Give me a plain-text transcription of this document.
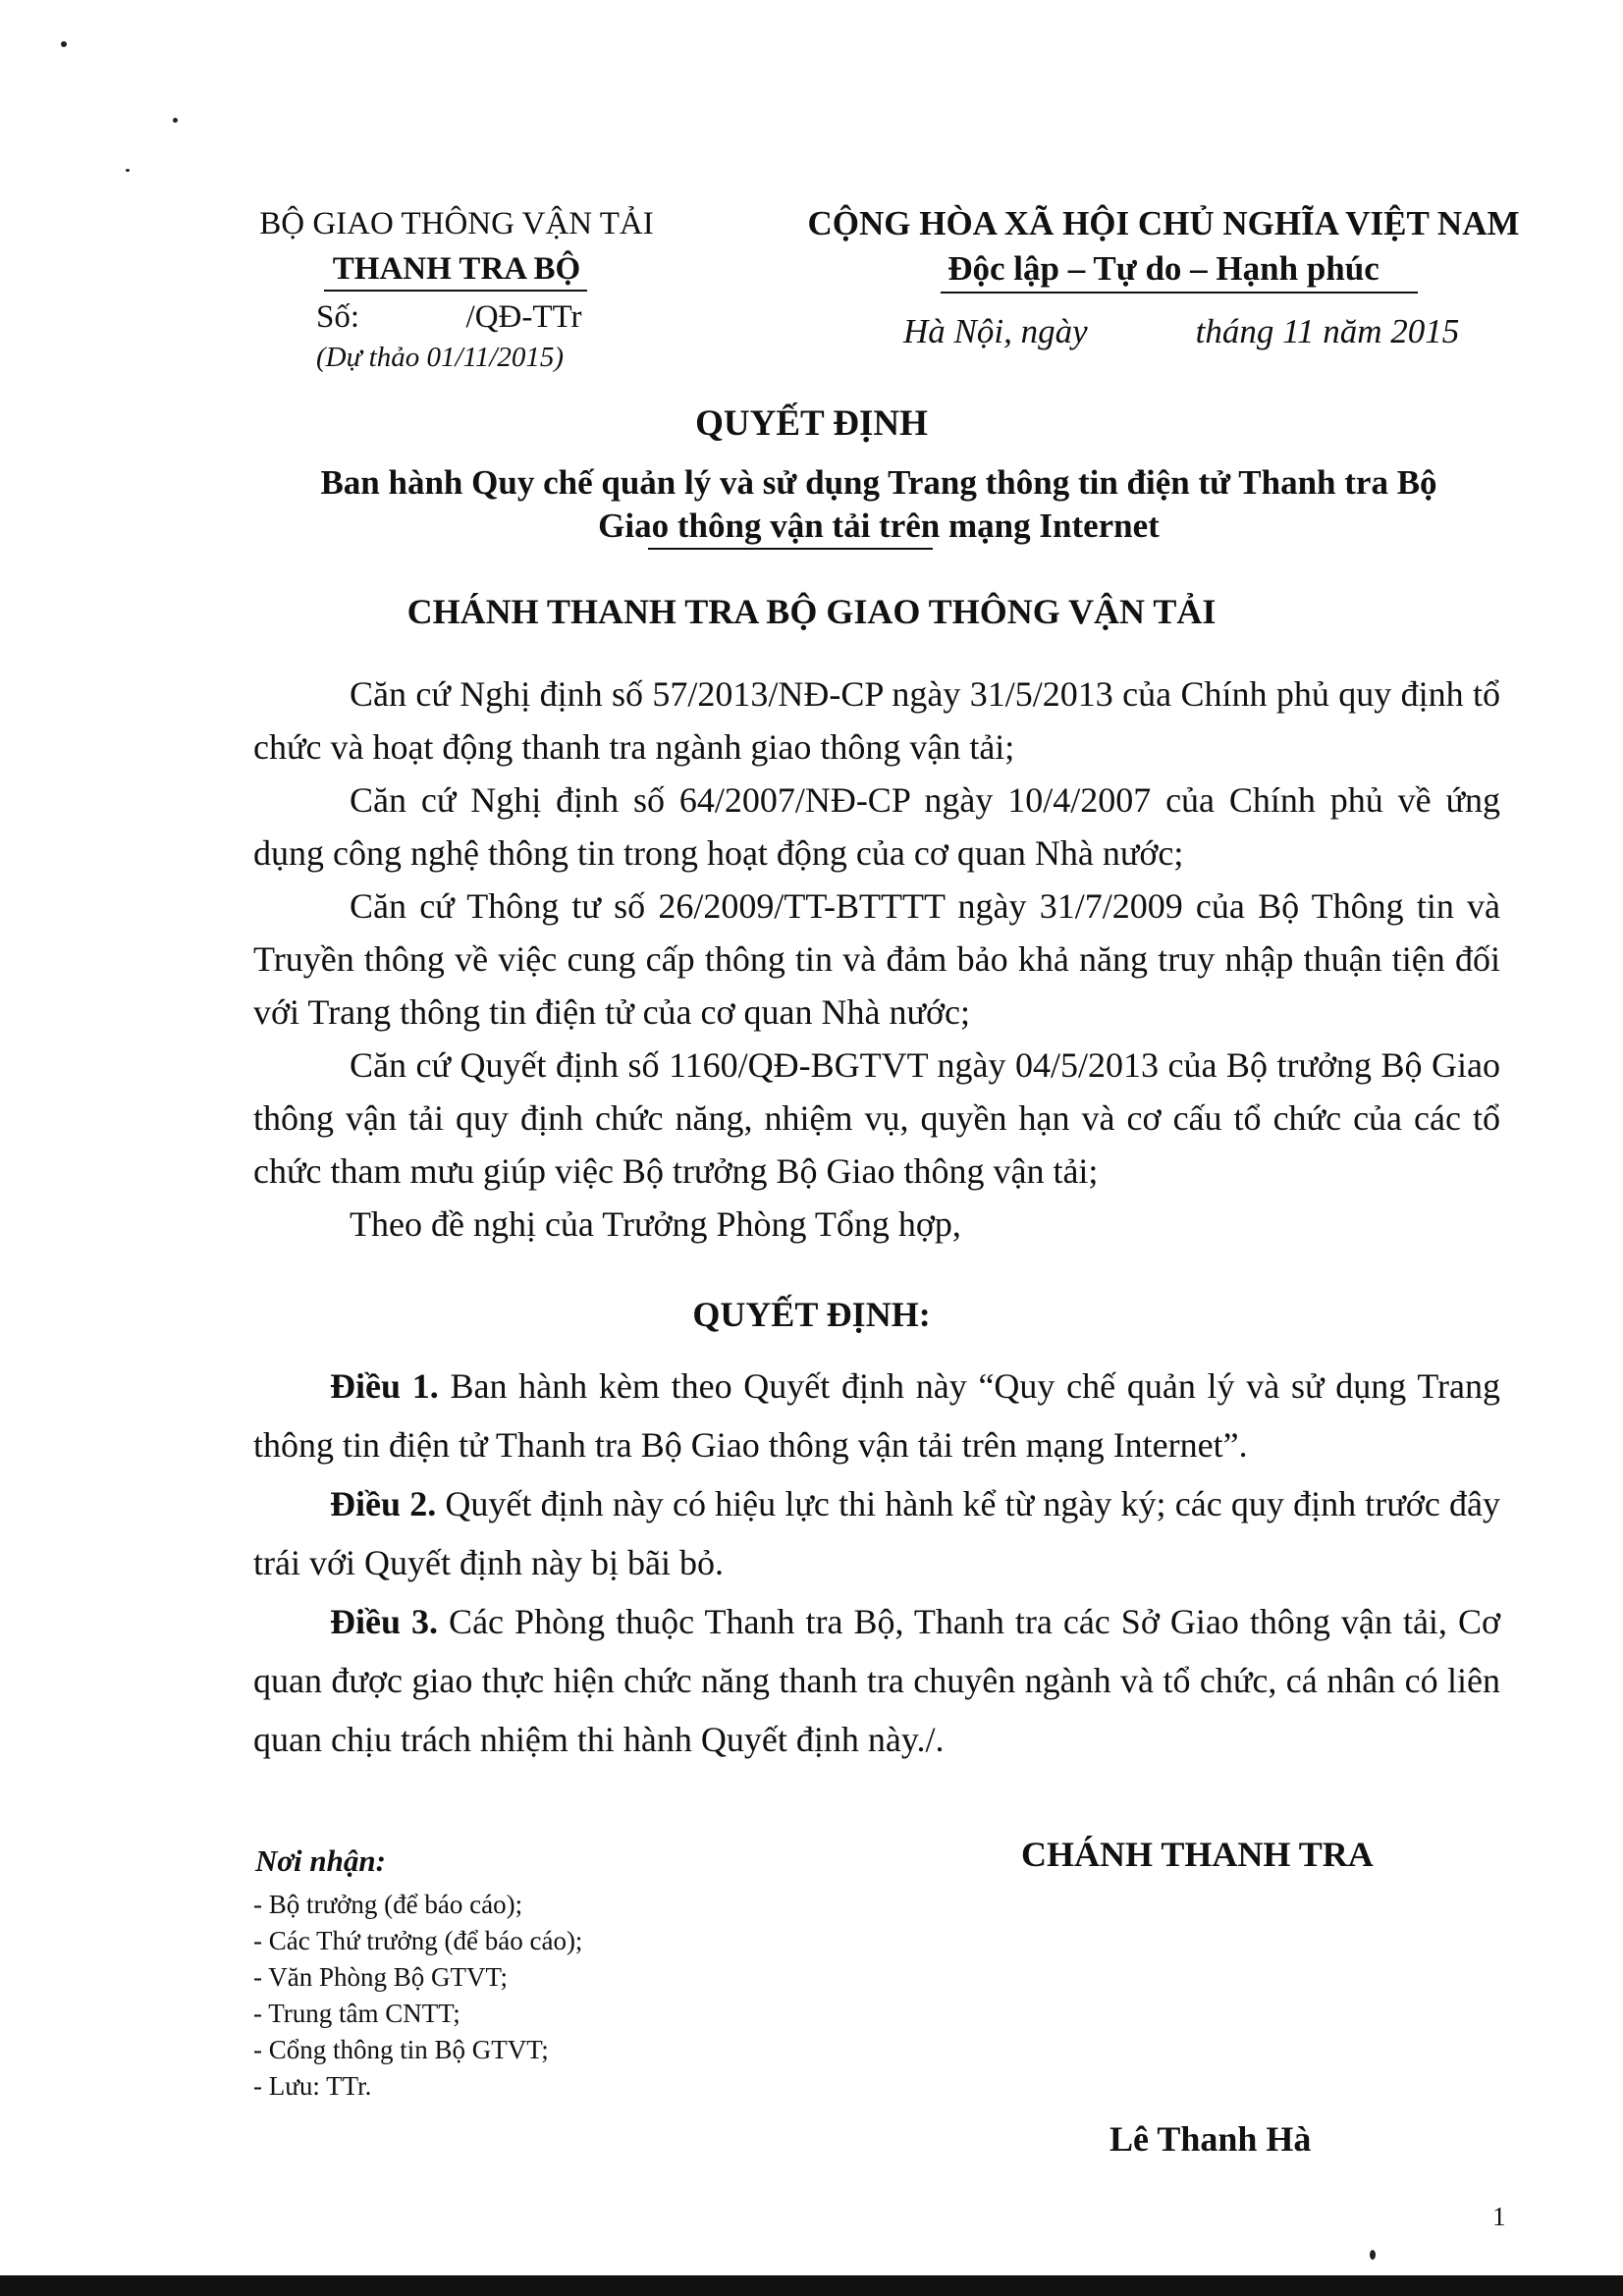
BỘ GIAO THÔNG VẬN TẢI
THANH TRA BỘ
Số:	/QĐ-TTr
(Dự thảo 01/11/2015)
CỘNG HÒA XÃ HỘI CHỦ NGHĨA VIỆT NAM
Độc lập – Tự do – Hạnh phúc
Hà Nội, ngày	tháng 11 năm 2015
QUYẾT ĐỊNH
Ban hành Quy chế quản lý và sử dụng Trang thông tin điện tử Thanh tra Bộ
Giao thông vận tải trên mạng Internet
CHÁNH THANH TRA BỘ GIAO THÔNG VẬN TẢI

Căn cứ Nghị định số 57/2013/NĐ-CP ngày 31/5/2013 của Chính phủ quy định tổ chức và hoạt động thanh tra ngành giao thông vận tải;

Căn cứ Nghị định số 64/2007/NĐ-CP ngày 10/4/2007 của Chính phủ về ứng dụng công nghệ thông tin trong hoạt động của cơ quan Nhà nước;

Căn cứ Thông tư số 26/2009/TT-BTTTT ngày 31/7/2009 của Bộ Thông tin và Truyền thông về việc cung cấp thông tin và đảm bảo khả năng truy nhập thuận tiện đối với Trang thông tin điện tử của cơ quan Nhà nước;

Căn cứ Quyết định số 1160/QĐ-BGTVT ngày 04/5/2013 của Bộ trưởng Bộ Giao thông vận tải quy định chức năng, nhiệm vụ, quyền hạn và cơ cấu tổ chức của các tổ chức tham mưu giúp việc Bộ trưởng Bộ Giao thông vận tải;

Theo đề nghị của Trưởng Phòng Tổng hợp,

QUYẾT ĐỊNH:

Điều 1. Ban hành kèm theo Quyết định này “Quy chế quản lý và sử dụng Trang thông tin điện tử Thanh tra Bộ Giao thông vận tải trên mạng Internet”.

Điều 2. Quyết định này có hiệu lực thi hành kể từ ngày ký; các quy định trước đây trái với Quyết định này bị bãi bỏ.

Điều 3. Các Phòng thuộc Thanh tra Bộ, Thanh tra các Sở Giao thông vận tải, Cơ quan được giao thực hiện chức năng thanh tra chuyên ngành và tổ chức, cá nhân có liên quan chịu trách nhiệm thi hành Quyết định này./.

Nơi nhận:
- Bộ trưởng (để báo cáo);
- Các Thứ trưởng (để báo cáo);
- Văn Phòng Bộ GTVT;
- Trung tâm CNTT;
- Cổng thông tin Bộ GTVT;
- Lưu: TTr.
CHÁNH THANH TRA
Lê Thanh Hà
1
